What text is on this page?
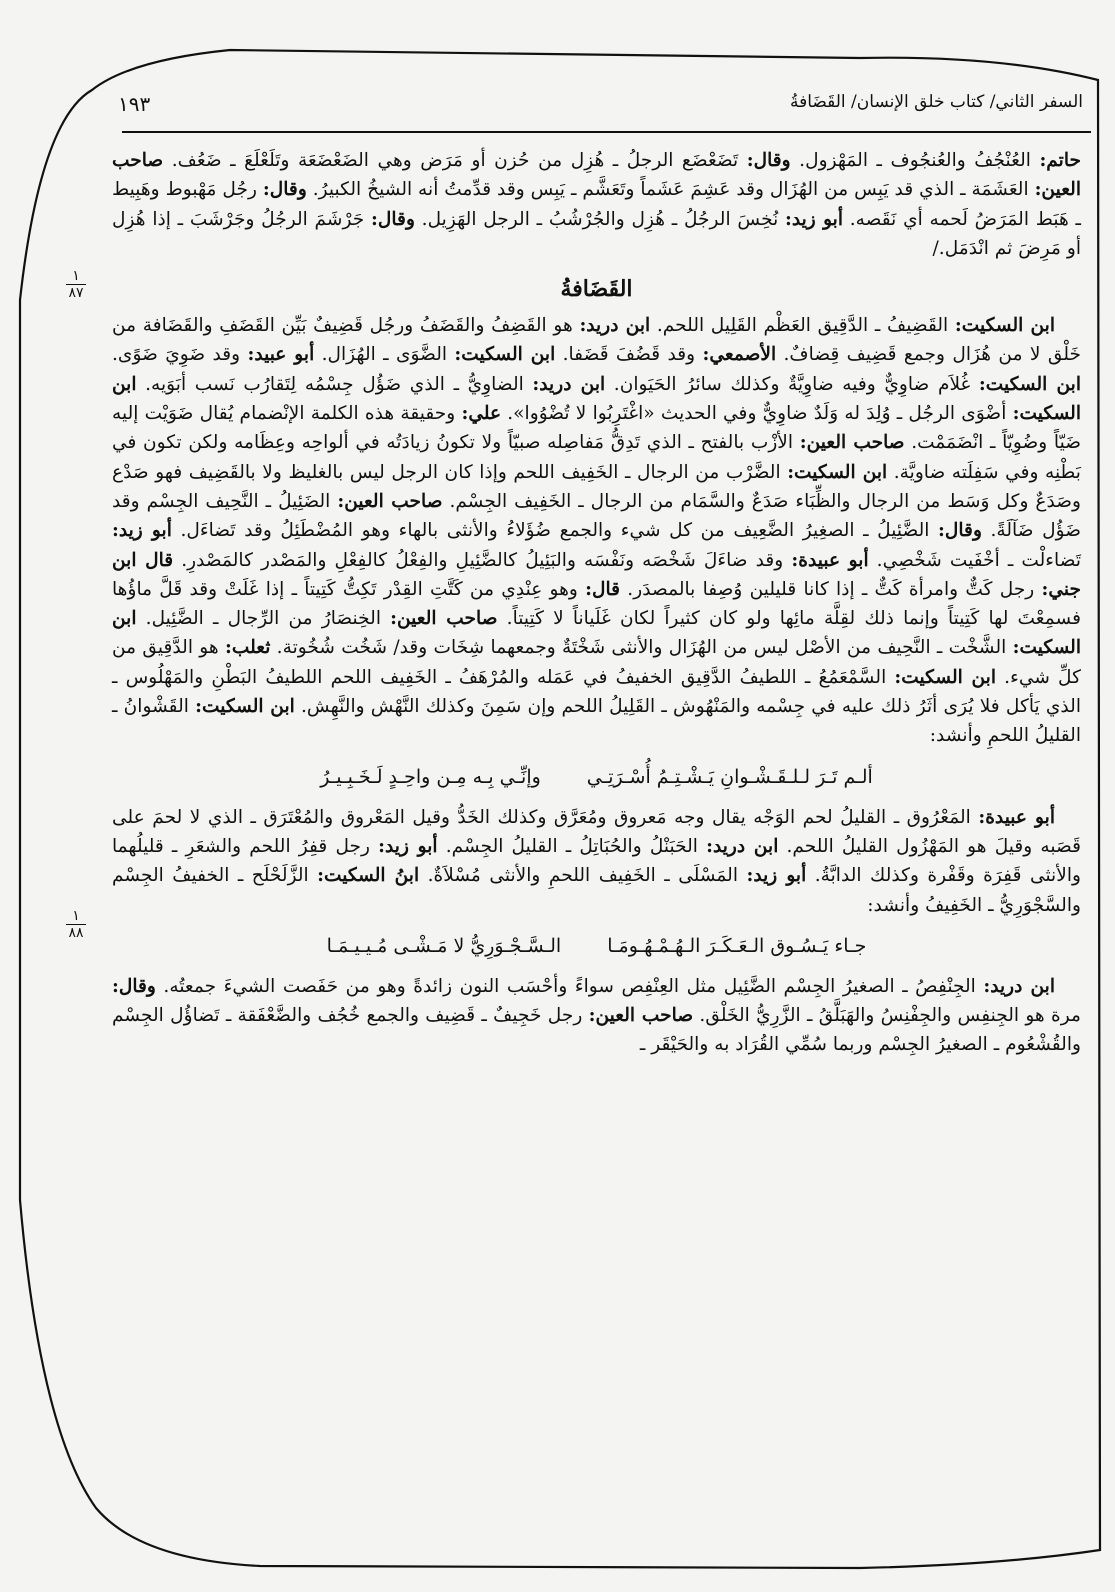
السفر الثاني/ كتاب خلق الإنسان/ القَضَافةُ
١٩٣
١
٨٧
١
٨٨

حاتم: العُنْجُفُ والعُنجُوف ـ المَهْزول. وقال: تَضَعْضَع الرجلُ ـ هُزِل من حُزن أو مَرَض وهي الضَعْضَعَة وتَلَعْلَعَ ـ ضَعُف. صاحب العين: العَشَمَة ـ الذي قد يَبِس من الهُزَال وقد عَشِمَ عَشَماً وتَعَشَّم ـ يَبِس وقد قدِّمتُ أنه الشيخُ الكبيرُ. وقال: رجُل مَهْبوط وهَبِيط ـ هَبَط المَرَضُ لَحمه أي نَقَصه. أبو زيد: نُخِسَ الرجُلُ ـ هُزِل والجُرْشُبُ ـ الرجل الهَزِيل. وقال: جَرْشَمَ الرجُلُ وجَرْشَبَ ـ إذا هُزِل أو مَرِضَ ثم انْدَمَل./

القَضَافةُ

ابن السكيت: القَضِيفُ ـ الدَّقِيق العَظْم القَلِيل اللحم. ابن دريد: هو القَضِفُ والقَضَفُ ورجُل قَضِيفٌ بَيِّن القَضَفِ والقَضَافة من خَلْق لا من هُزَال وجمع قَضِيف قِضافٌ. الأصمعي: وقد قَضُفَ قَضَفا. ابن السكيت: الضَّوَى ـ الهُزَال. أبو عبيد: وقد ضَوِيَ ضَوًى. ابن السكيت: غُلاَم ضاوِيٌّ وفيه ضاوِيَّةٌ وكذلك سائرُ الحَيَوان. ابن دريد: الضاوِيُّ ـ الذي ضَؤُل جِسْمُه لِتَقارُب نَسب أبَوَيه. ابن السكيت: أضْوَى الرجُل ـ وُلِدَ له وَلَدٌ ضاوِيٌّ وفي الحديث «اغْتَرِبُوا لا تُضْوُوا». علي: وحقيقة هذه الكلمة الإنْضمام يُقال ضَوَيْت إليه ضَيّاً وضُوِيّاً ـ انْضَمَمْت. صاحب العين: الأزْب بالفتح ـ الذي تَدِقُّ مَفاصِله صبيّاً ولا تكونُ زيادَتُه في ألواحِه وعِظَامه ولكن تكون في بَطْنِه وفي سَفِلَته ضاويَّة. ابن السكيت: الضَّرْب من الرجال ـ الخَفِيف اللحم وإذا كان الرجل ليس بالغليظ ولا بالقَضِيف فهو صَدْع وصَدَعٌ وكل وَسَط من الرجال والظِّبَاء صَدَعٌ والسَّمَام من الرجال ـ الخَفِيف الجِسْم. صاحب العين: الضَئِيلُ ـ النَّحِيف الجِسْم وقد ضَؤُل ضَآلَةً. وقال: الضَّئِيلُ ـ الصغِيرُ الضَّعِيف من كل شيء والجمع ضُؤَلاءُ والأنثى بالهاء وهو المُضْطَئِلُ وقد تَضاءَل. أبو زيد: تَضاءلْت ـ أخْفَيت شَخْصِي. أبو عبيدة: وقد ضاءَلَ شَخْصَه ونَفْسَه والبَئِيلُ كالضَّئِيلِ والفِعْلُ كالفِعْلِ والمَصْدر كالمَصْدرِ. قال ابن جني: رجل كَتٌّ وامرأة كَتٌّ ـ إذا كانا قليلين وُصِفا بالمصدَر. قال: وهو عِنْدِي من كَتَّتِ القِدْر تَكِتُّ كَتِيتاً ـ إذا غَلَتْ وقد قَلَّ ماؤُها فسمِعْتَ لها كَتِيتاً وإنما ذلك لقِلَّة مائِها ولو كان كثيراً لكان غَلَياناً لا كَتِيتاً. صاحب العين: الخِنصَارُ من الرِّجال ـ الضَّئِيل. ابن السكيت: الشَّخْت ـ النَّحِيف من الأصْل ليس من الهُزَال والأنثى شَخْتَةٌ وجمعهما شِخَات وقد/ شَخُت شُخُوتة. ثعلب: هو الدَّقِيق من كلِّ شيء. ابن السكيت: السَّمْعَمُعُ ـ اللطيفُ الدَّقِيق الخفيفُ في عَمَله والمُرْهَفُ ـ الخَفِيف اللحم اللطيفُ البَطْنِ والمَهْلُوس ـ الذي يَأكل فلا يُرَى أثَرُ ذلك عليه في جِسْمه والمَنْهُوش ـ القَلِيلُ اللحم وإن سَمِنَ وكذلك النَّهْش والنَّهِش. ابن السكيت: القَشْوانُ ـ القليلُ اللحمِ وأنشد:

ألـم تَـرَ لـلـقَـشْـوانِ يَـشْـتِـمُ أُسْـرَتِـي
وإنِّـي بِـه مِـن واحِـدٍ لَـخَـبِـيـرُ

أبو عبيدة: المَعْرُوق ـ القليلُ لحم الوَجْه يقال وجه مَعروق ومُعَرَّق وكذلك الخَدُّ وقيل المَعْروق والمُعْتَرَق ـ الذي لا لحمَ على قَصَبه وقيلَ هو المَهْزُول القليلُ اللحم. ابن دريد: الحَبَنْلُ والحُبَاتِلُ ـ القليلُ الجِسْم. أبو زيد: رجل قفِرُ اللحم والشعَرِ ـ قليلُهما والأنثى قَفِرَة وقَفْرة وكذلك الدابَّةُ. أبو زيد: المَسْلَى ـ الخَفِيف اللحمِ والأنثى مُسْلاَةٌ. ابنُ السكيت: الزَّلَحْلَح ـ الخفيفُ الجِسْم والسَّجْوَرِيُّ ـ الخَفِيفُ وأنشد:

جـاء يَـسُـوق الـعَـكَـرَ الـهُـمْـهُـومَـا
الـسَّـجْـوَرِيُّ لا مَـشْـى مُـيـيـمَـا

ابن دريد: الجِنْفِصُ ـ الصغيرُ الجِسْم الضَّئِيل مثل العِنْفِص سواءً وأحْسَب النون زائدةً وهو من حَفَصت الشيءَ جمعتُه. وقال: مرة هو الجِنفِس والجِفْنِسُ والهَبَلَّقُ ـ الزَّرِيُّ الخَلْق. صاحب العين: رجل خَجِيفٌ ـ قَضِيف والجمع خُجُف والضَّعْفَقة ـ تَضاؤُل الجِسْم والقُشْعُوم ـ الصغيرُ الجِسْم وربما سُمِّي القُرَاد به والحَيْقَر ـ
